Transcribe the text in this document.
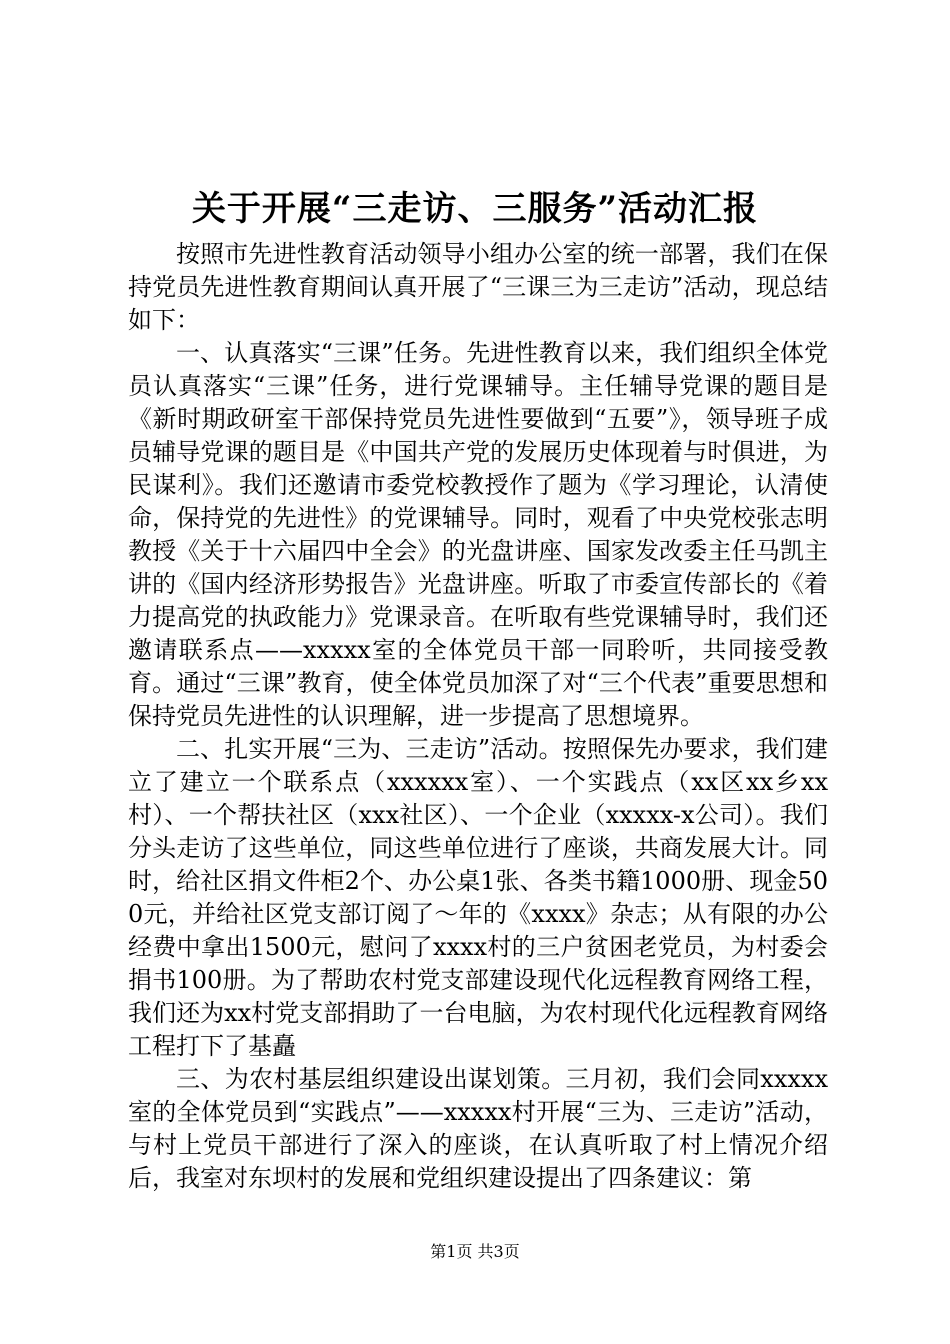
关于开展“三走访、三服务”活动汇报

按照市先进性教育活动领导小组办公室的统一部署，我们在保持党员先进性教育期间认真开展了“三课三为三走访”活动，现总结如下：

一、认真落实“三课”任务。先进性教育以来，我们组织全体党员认真落实“三课”任务，进行党课辅导。主任辅导党课的题目是《新时期政研室干部保持党员先进性要做到“五要”》，领导班子成员辅导党课的题目是《中国共产党的发展历史体现着与时俱进，为民谋利》。我们还邀请市委党校教授作了题为《学习理论，认清使命，保持党的先进性》的党课辅导。同时，观看了中央党校张志明教授《关于十六届四中全会》的光盘讲座、国家发改委主任马凯主讲的《国内经济形势报告》光盘讲座。听取了市委宣传部长的《着力提高党的执政能力》党课录音。在听取有些党课辅导时，我们还邀请联系点——xxxxx室的全体党员干部一同聆听，共同接受教育。通过“三课”教育，使全体党员加深了对“三个代表”重要思想和保持党员先进性的认识理解，进一步提高了思想境界。

二、扎实开展“三为、三走访”活动。按照保先办要求，我们建立了建立一个联系点（xxxxxx室）、一个实践点（xx区xx乡xx村）、一个帮扶社区（xxx社区）、一个企业（xxxxx-x公司）。我们分头走访了这些单位，同这些单位进行了座谈，共商发展大计。同时，给社区捐文件柜2个、办公桌1张、各类书籍1000册、现金500元，并给社区党支部订阅了～年的《xxxx》杂志；从有限的办公经费中拿出1500元，慰问了xxxx村的三户贫困老党员，为村委会捐书100册。为了帮助农村党支部建设现代化远程教育网络工程，我们还为xx村党支部捐助了一台电脑，为农村现代化远程教育网络工程打下了基矗

三、为农村基层组织建设出谋划策。三月初，我们会同xxxxx室的全体党员到“实践点”——xxxxx村开展“三为、三走访”活动，与村上党员干部进行了深入的座谈，在认真听取了村上情况介绍后，我室对东坝村的发展和党组织建设提出了四条建议：第

第1页 共3页
